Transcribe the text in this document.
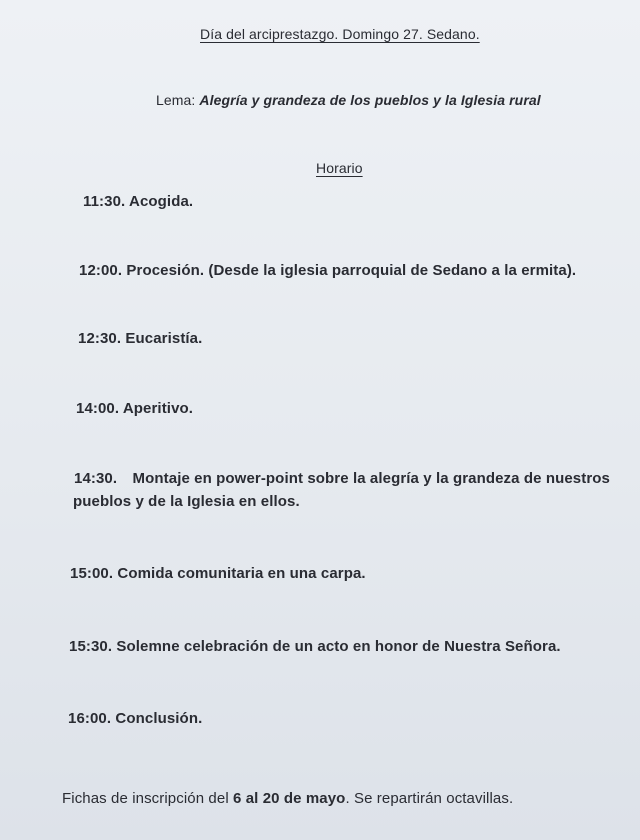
Día del arciprestazgo. Domingo 27. Sedano.
Lema: Alegría y grandeza de los pueblos y la Iglesia rural
Horario
11:30. Acogida.
12:00. Procesión. (Desde la iglesia parroquial de Sedano a la ermita).
12:30. Eucaristía.
14:00. Aperitivo.
14:30. Montaje en power-point sobre la alegría y la grandeza de nuestros
pueblos y de la Iglesia en ellos.
15:00. Comida comunitaria en una carpa.
15:30. Solemne celebración de un acto en honor de Nuestra Señora.
16:00. Conclusión.
Fichas de inscripción del 6 al 20 de mayo. Se repartirán octavillas.
